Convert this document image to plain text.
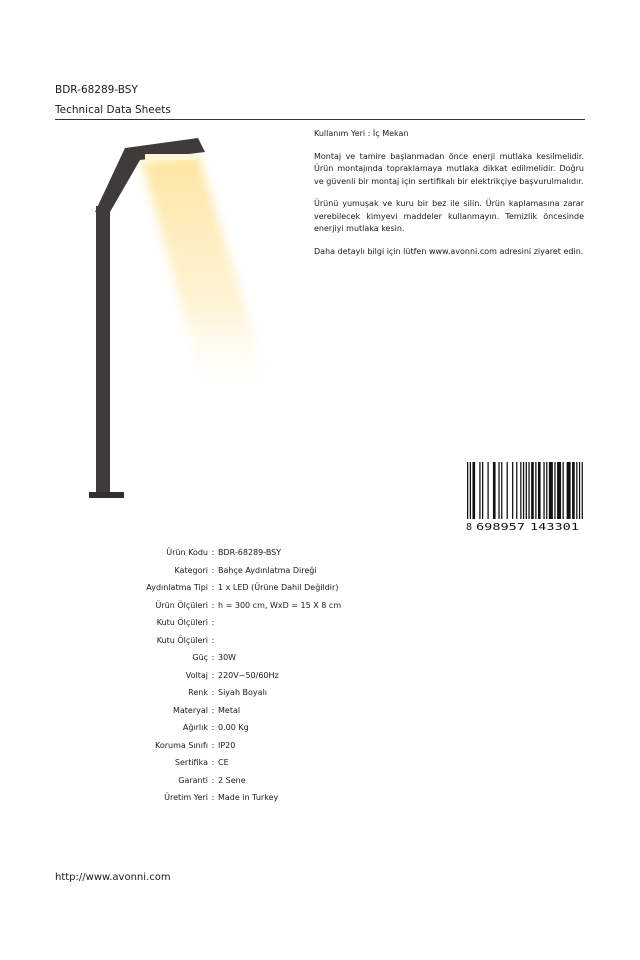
BDR-68289-BSY
Technical Data Sheets

Kullanım Yeri : İç Mekan

Montaj ve tamire başlanmadan önce enerji mutlaka kesilmelidir. Ürün montajında topraklamaya mutlaka dikkat edilmelidir. Doğru ve güvenli bir montaj için sertifikalı bir elektrikçiye başvurulmalıdır.

Ürünü yumuşak ve kuru bir bez ile silin. Ürün kaplamasına zarar verebilecek kimyevi maddeler kullanmayın. Temizlik öncesinde enerjiyi mutlaka kesin.

Daha detaylı bilgi için lütfen www.avonni.com adresini ziyaret edin.

8 698957 143301
Ürün Kodu : BDR-68289-BSY
Kategori : Bahçe Aydınlatma Direği
Aydınlatma Tipi : 1 x LED (Ürüne Dahil Değildir)
Ürün Ölçüleri : h = 300 cm, WxD = 15 X 8 cm
Kutu Ölçüleri :
Kutu Ölçüleri :
Güç : 30W
Voltaj : 220V~50/60Hz
Renk : Siyah Boyalı
Materyal : Metal
Ağırlık : 0.00 Kg
Koruma Sınıfı : IP20
Sertifika : CE
Garanti : 2 Sene
Üretim Yeri : Made in Turkey
http://www.avonni.com
